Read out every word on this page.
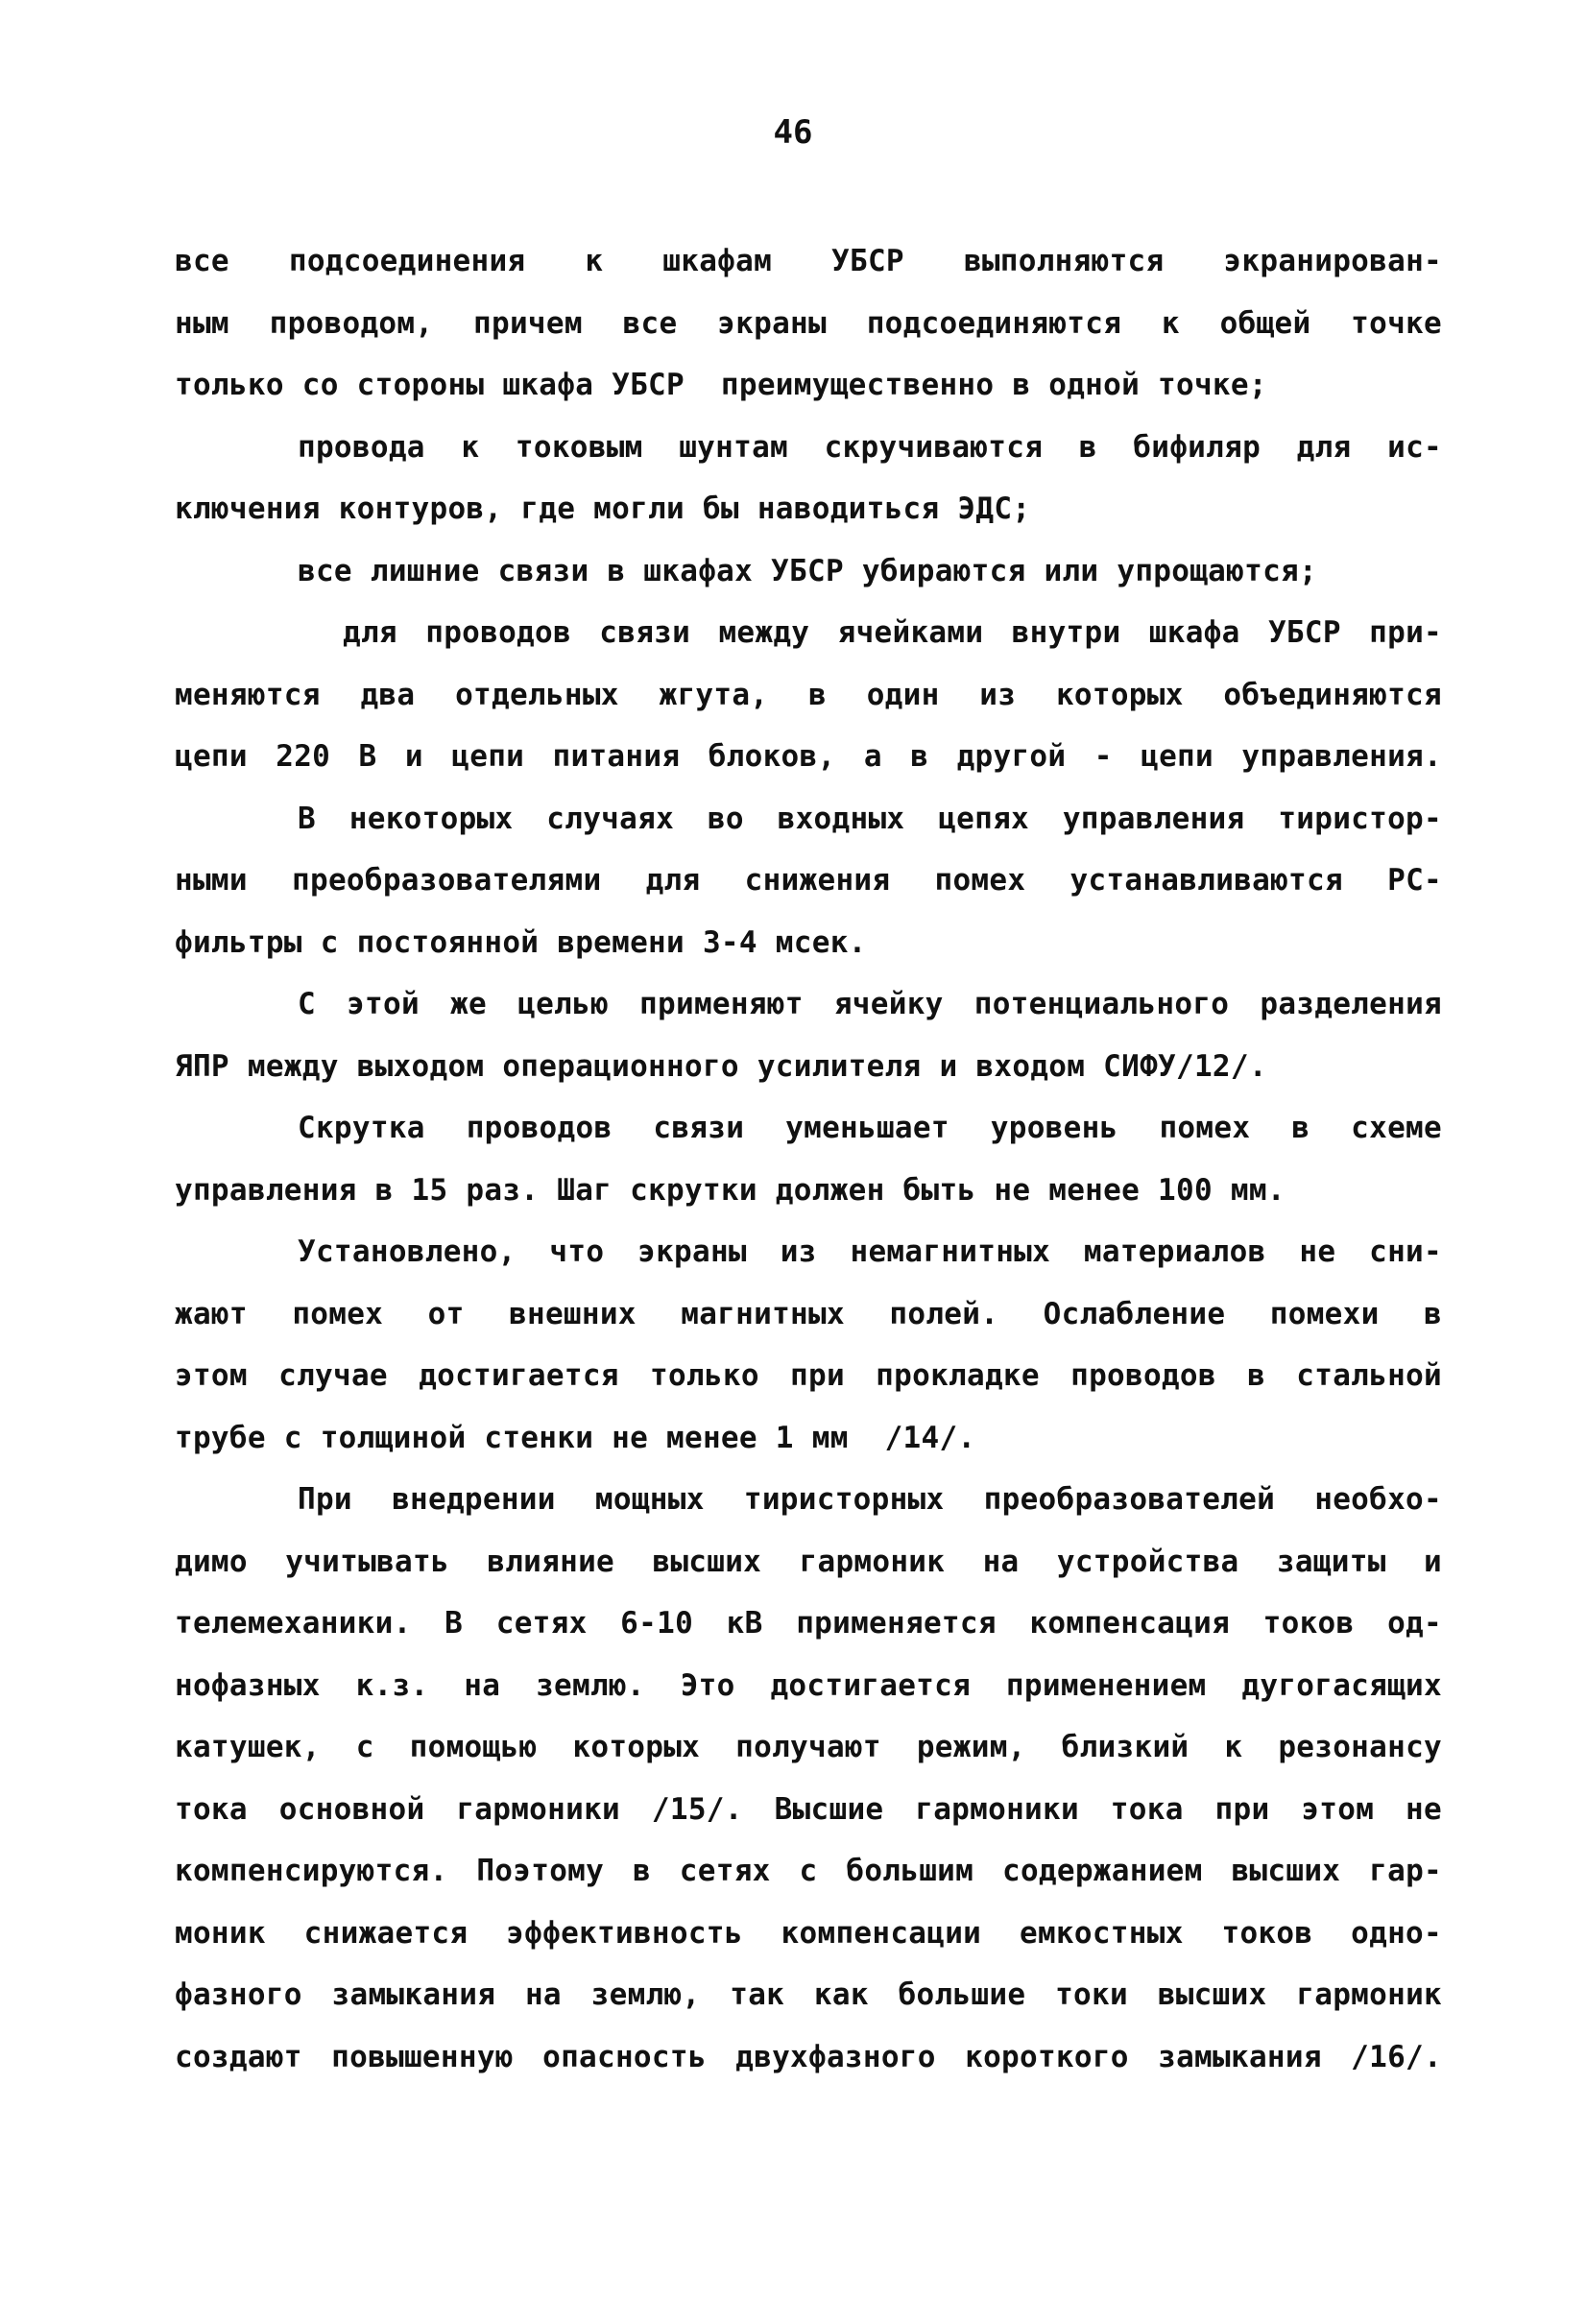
46
все подсоединения к шкафам УБСР выполняются экранирован-
ным проводом, причем все экраны подсоединяются к общей точке
только со стороны шкафа УБСР  преимущественно в одной точке;
провода к токовым шунтам скручиваются в бифиляр для ис-
ключения контуров, где могли бы наводиться ЭДС;
все лишние связи в шкафах УБСР убираются или упрощаются;
для проводов связи между ячейками внутри шкафа УБСР при-
меняются два отдельных жгута, в один из которых объединяются
цепи 220 В и цепи питания блоков, а в другой - цепи управления.
В некоторых случаях во входных цепях управления тиристор-
ными преобразователями для снижения помех устанавливаются РС-
фильтры с постоянной времени 3-4 мсек.
С этой же целью применяют ячейку потенциального разделения
ЯПР между выходом операционного усилителя и входом СИФУ/12/.
Скрутка проводов связи уменьшает уровень помех в схеме
управления в 15 раз. Шаг скрутки должен быть не менее 100 мм.
Установлено, что экраны из немагнитных материалов не сни-
жают помех от внешних магнитных полей. Ослабление помехи в
этом случае достигается только при прокладке проводов в стальной
трубе с толщиной стенки не менее 1 мм  /14/.
При внедрении мощных тиристорных преобразователей необхо-
димо учитывать влияние высших гармоник на устройства защиты и
телемеханики. В сетях 6-10 кВ применяется компенсация токов од-
нофазных к.з. на землю. Это достигается применением дугогасящих
катушек, с помощью которых получают режим, близкий к резонансу
тока основной гармоники /15/. Высшие гармоники тока при этом не
компенсируются. Поэтому в сетях с большим содержанием высших гар-
моник снижается эффективность компенсации емкостных токов одно-
фазного замыкания на землю, так как большие токи высших гармоник
создают повышенную опасность двухфазного короткого замыкания /16/.
